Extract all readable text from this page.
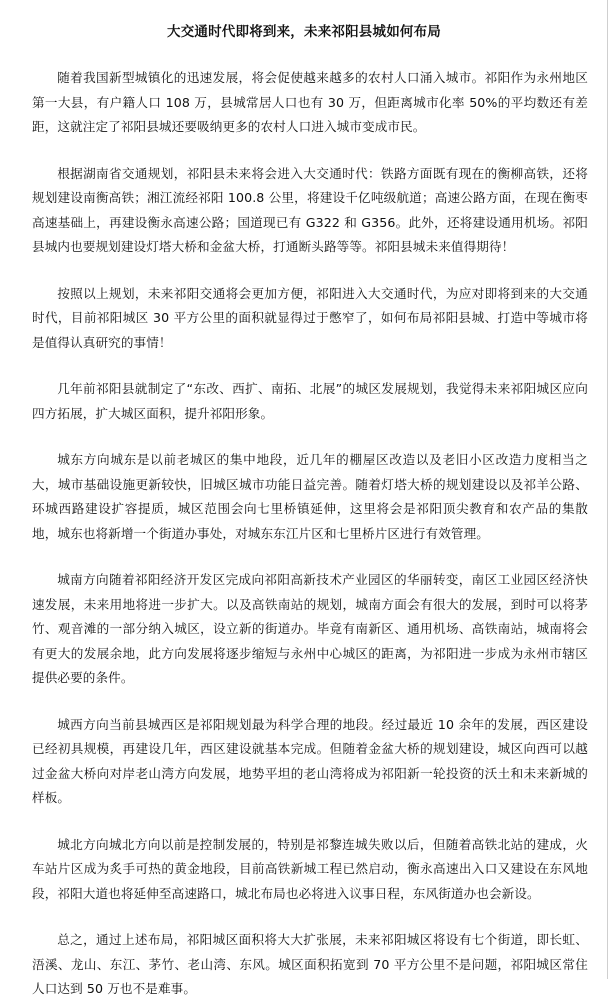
大交通时代即将到来，未来祁阳县城如何布局

随着我国新型城镇化的迅速发展，将会促使越来越多的农村人口涌入城市。祁阳作为永州地区第一大县，有户籍人口 108 万，县城常居人口也有 30 万，但距离城市化率 50%的平均数还有差距，这就注定了祁阳县城还要吸纳更多的农村人口进入城市变成市民。

根据湖南省交通规划，祁阳县未来将会进入大交通时代：铁路方面既有现在的衡柳高铁，还将规划建设南衡高铁；湘江流经祁阳 100.8 公里，将建设千亿吨级航道；高速公路方面，在现在衡枣高速基础上，再建设衡永高速公路；国道现已有 G322 和 G356。此外，还将建设通用机场。祁阳县城内也要规划建设灯塔大桥和金盆大桥，打通断头路等等。祁阳县城未来值得期待！

按照以上规划，未来祁阳交通将会更加方便，祁阳进入大交通时代，为应对即将到来的大交通时代，目前祁阳城区 30 平方公里的面积就显得过于憋窄了，如何布局祁阳县城、打造中等城市将是值得认真研究的事情！

几年前祁阳县就制定了“东改、西扩、南拓、北展”的城区发展规划，我觉得未来祁阳城区应向四方拓展，扩大城区面积，提升祁阳形象。

城东方向城东是以前老城区的集中地段，近几年的棚屋区改造以及老旧小区改造力度相当之大，城市基础设施更新较快，旧城区城市功能日益完善。随着灯塔大桥的规划建设以及祁羊公路、环城西路建设扩容提质，城区范围会向七里桥镇延伸，这里将会是祁阳顶尖教育和农产品的集散地，城东也将新增一个街道办事处，对城东东江片区和七里桥片区进行有效管理。

城南方向随着祁阳经济开发区完成向祁阳高新技术产业园区的华丽转变，南区工业园区经济快速发展，未来用地将进一步扩大。以及高铁南站的规划，城南方面会有很大的发展，到时可以将茅竹、观音滩的一部分纳入城区，设立新的街道办。毕竟有南新区、通用机场、高铁南站，城南将会有更大的发展余地，此方向发展将逐步缩短与永州中心城区的距离，为祁阳进一步成为永州市辖区提供必要的条件。

城西方向当前县城西区是祁阳规划最为科学合理的地段。经过最近 10 余年的发展，西区建设已经初具规模，再建设几年，西区建设就基本完成。但随着金盆大桥的规划建设，城区向西可以越过金盆大桥向对岸老山湾方向发展，地势平坦的老山湾将成为祁阳新一轮投资的沃土和未来新城的样板。

城北方向城北方向以前是控制发展的，特别是祁黎连城失败以后，但随着高铁北站的建成，火车站片区成为炙手可热的黄金地段，目前高铁新城工程已然启动，衡永高速出入口又建设在东风地段，祁阳大道也将延伸至高速路口，城北布局也必将进入议事日程，东风街道办也会新设。

总之，通过上述布局，祁阳城区面积将大大扩张展，未来祁阳城区将设有七个街道，即长虹、浯溪、龙山、东江、茅竹、老山湾、东风。城区面积拓宽到 70 平方公里不是问题，祁阳城区常住人口达到 50 万也不是难事。
